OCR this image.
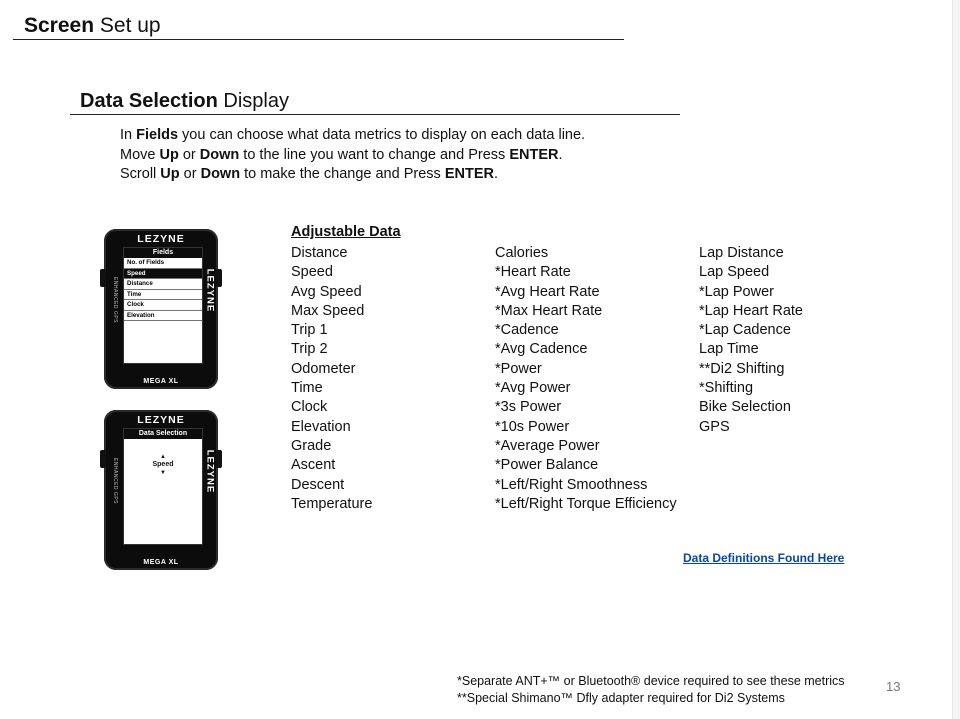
Screen Set up
Data Selection Display
In Fields you can choose what data metrics to display on each data line.
Move Up or Down to the line you want to change and Press ENTER.
Scroll Up or Down to make the change and Press ENTER.
LEZYNE
ENHANCED GPS	LEZYNE
Fields
No. of Fields
Speed
Distance
Time
Clock
Elevation
MEGA XL
LEZYNE
ENHANCED GPS	LEZYNE
Data Selection
▲
Speed
▼
MEGA XL
Adjustable Data
Distance
Speed
Avg Speed
Max Speed
Trip 1
Trip 2
Odometer
Time
Clock
Elevation
Grade
Ascent
Descent
Temperature
Calories
*Heart Rate
*Avg Heart Rate
*Max Heart Rate
*Cadence
*Avg Cadence
*Power
*Avg Power
*3s Power
*10s Power
*Average Power
*Power Balance
*Left/Right Smoothness
*Left/Right Torque Efficiency
Lap Distance
Lap Speed
*Lap Power
*Lap Heart Rate
*Lap Cadence
Lap Time
**Di2 Shifting
*Shifting
Bike Selection
GPS
Data Definitions Found Here
*Separate ANT+™ or Bluetooth® device required to see these metrics
**Special Shimano™ Dfly adapter required for Di2 Systems
13
